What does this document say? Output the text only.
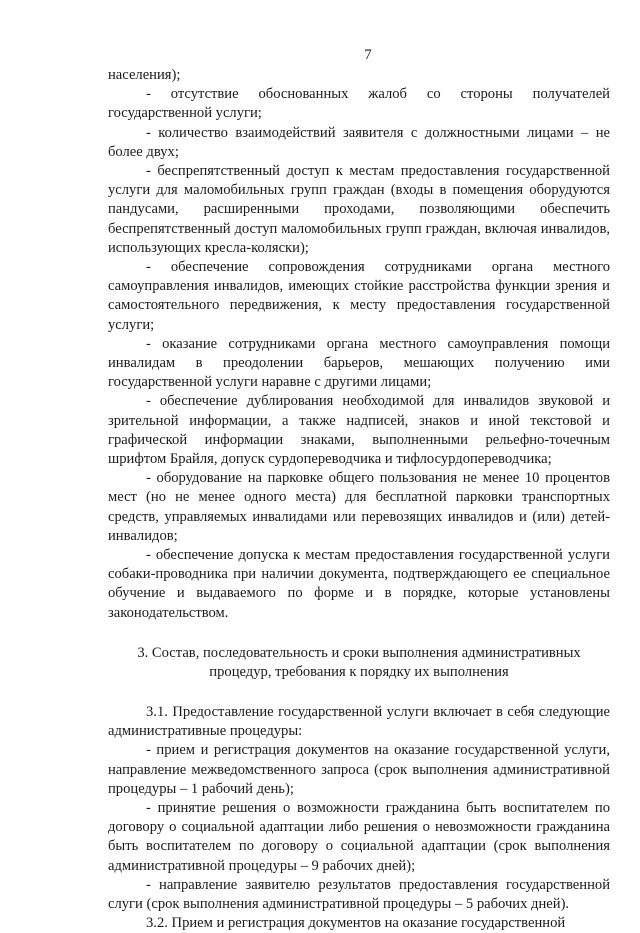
7

населения);

- отсутствие обоснованных жалоб со стороны получателей государственной услуги;

- количество взаимодействий заявителя с должностными лицами – не более двух;

- беспрепятственный доступ к местам предоставления государственной услуги для маломобильных групп граждан (входы в помещения оборудуются пандусами, расширенными проходами, позволяющими обеспечить беспрепятственный доступ маломобильных групп граждан, включая инвалидов, использующих кресла-коляски);

- обеспечение сопровождения сотрудниками органа местного самоуправления инвалидов, имеющих стойкие расстройства функции зрения и самостоятельного передвижения, к месту предоставления государственной услуги;

- оказание сотрудниками органа местного самоуправления помощи инвалидам в преодолении барьеров, мешающих получению ими государственной услуги наравне с другими лицами;

- обеспечение дублирования необходимой для инвалидов звуковой и зрительной информации, а также надписей, знаков и иной текстовой и графической информации знаками, выполненными рельефно-точечным шрифтом Брайля, допуск сурдопереводчика и тифлосурдопереводчика;

- оборудование на парковке общего пользования не менее 10 процентов мест (но не менее одного места) для бесплатной парковки транспортных средств, управляемых инвалидами или перевозящих инвалидов и (или) детей-инвалидов;

- обеспечение допуска к местам предоставления государственной услуги собаки-проводника при наличии документа, подтверждающего ее специальное обучение и выдаваемого по форме и в порядке, которые установлены законодательством.

3. Состав, последовательность и сроки выполнения административных

процедур, требования к порядку их выполнения

3.1. Предоставление государственной услуги включает в себя следующие административные процедуры:

- прием и регистрация документов на оказание государственной услуги, направление межведомственного запроса (срок выполнения административной процедуры – 1 рабочий день);

- принятие решения о возможности гражданина быть воспитателем по договору о социальной адаптации либо решения о невозможности гражданина быть воспитателем по договору о социальной адаптации (срок выполнения административной процедуры – 9 рабочих дней);

- направление заявителю результатов предоставления государственной слуги (срок выполнения административной процедуры – 5 рабочих дней).

3.2. Прием и регистрация документов на оказание государственной
